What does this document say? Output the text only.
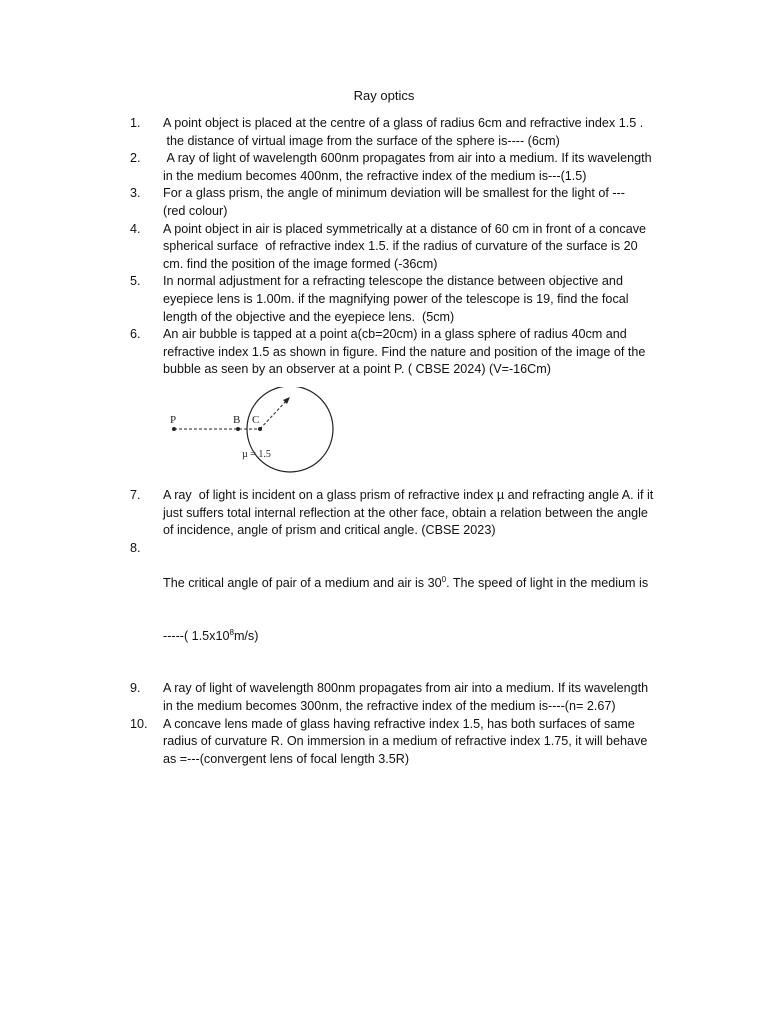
Ray optics
1.	A point object is placed at the centre of a glass of radius 6cm and refractive index 1.5 .
the distance of virtual image from the surface of the sphere is---- (6cm)
2.	A ray of light of wavelength 600nm propagates from air into a medium. If its wavelength
in the medium becomes 400nm, the refractive index of the medium is---(1.5)
3.	For a glass prism, the angle of minimum deviation will be smallest for the light of ---
(red colour)
4.	A point object in air is placed symmetrically at a distance of 60 cm in front of a concave
spherical surface  of refractive index 1.5. if the radius of curvature of the surface is 20
cm. find the position of the image formed (-36cm)
5.	In normal adjustment for a refracting telescope the distance between objective and
eyepiece lens is 1.00m. if the magnifying power of the telescope is 19, find the focal
length of the objective and the eyepiece lens.  (5cm)
6.	An air bubble is tapped at a point a(cb=20cm) in a glass sphere of radius 40cm and
refractive index 1.5 as shown in figure. Find the nature and position of the image of the
bubble as seen by an observer at a point P. ( CBSE 2024) (V=-16Cm)
P	B C
µ = 1.5
7.	A ray  of light is incident on a glass prism of refractive index µ and refracting angle A. if it
just suffers total internal reflection at the other face, obtain a relation between the angle
of incidence, angle of prism and critical angle. (CBSE 2023)
8.

The critical angle of pair of a medium and air is $30^0$. The speed of light in the medium is

-----( $1.5x10^8m/s$)

9.	A ray of light of wavelength 800nm propagates from air into a medium. If its wavelength
in the medium becomes 300nm, the refractive index of the medium is----(n= 2.67)
10.	A concave lens made of glass having refractive index 1.5, has both surfaces of same
radius of curvature R. On immersion in a medium of refractive index 1.75, it will behave
as =---(convergent lens of focal length 3.5R)
